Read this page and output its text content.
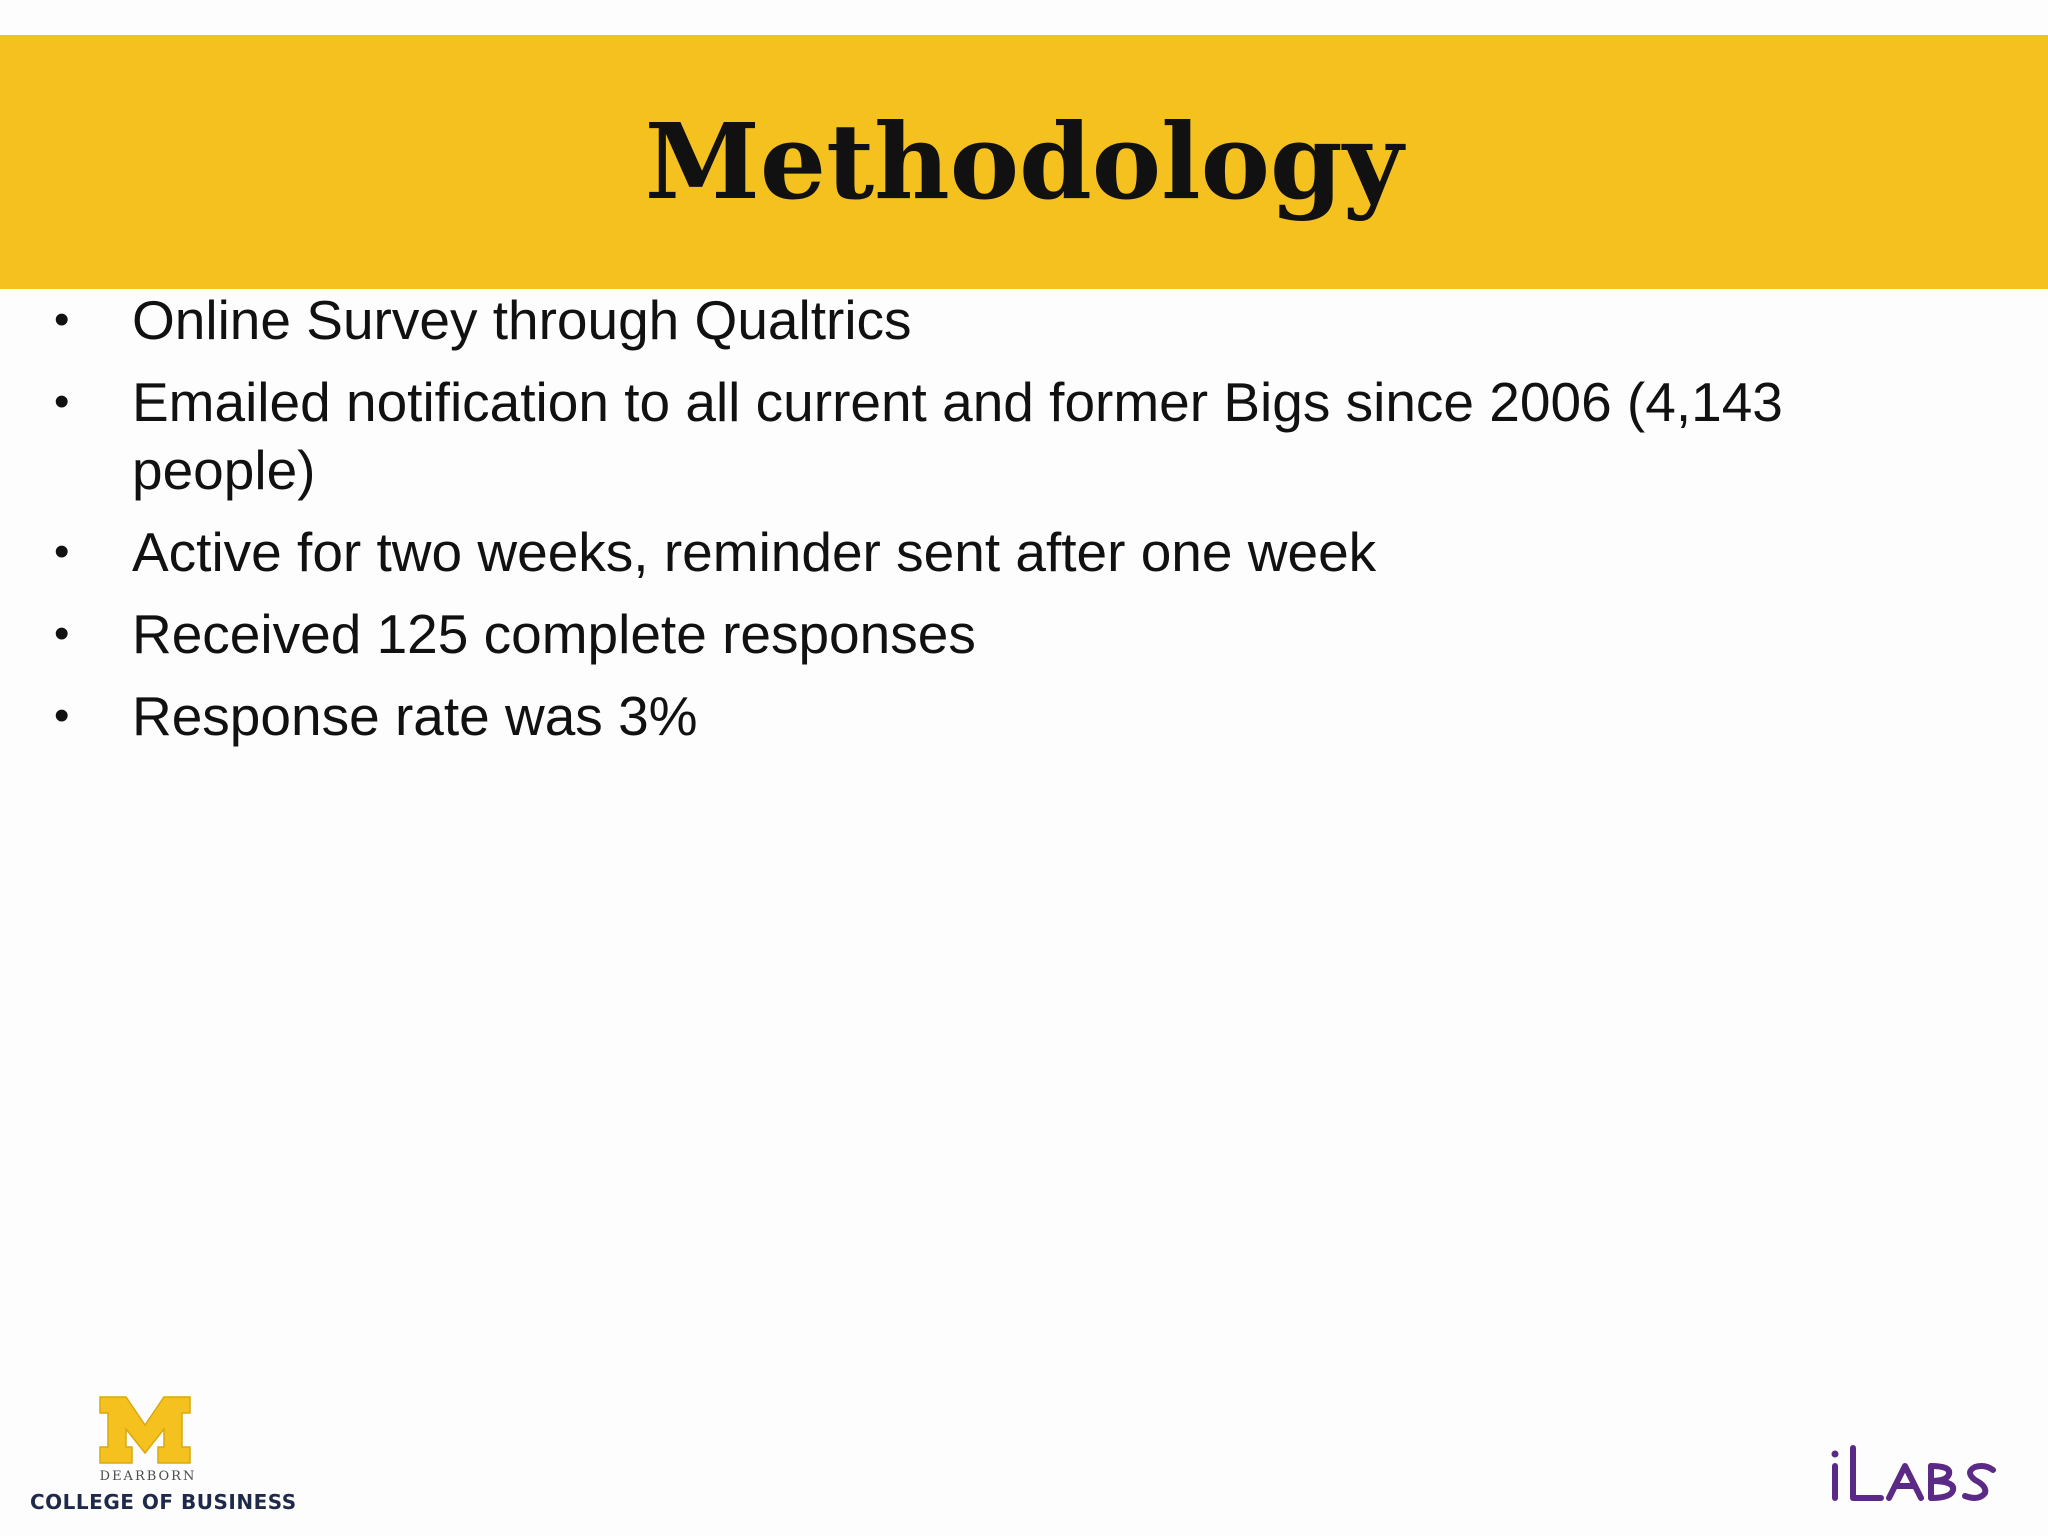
Methodology
• Online Survey through Qualtrics
• Emailed notification to all current and former Bigs since 2006 (4,143 people)
• Active for two weeks, reminder sent after one week
• Received 125 complete responses
• Response rate was 3%
DEARBORN
COLLEGE OF BUSINESS
